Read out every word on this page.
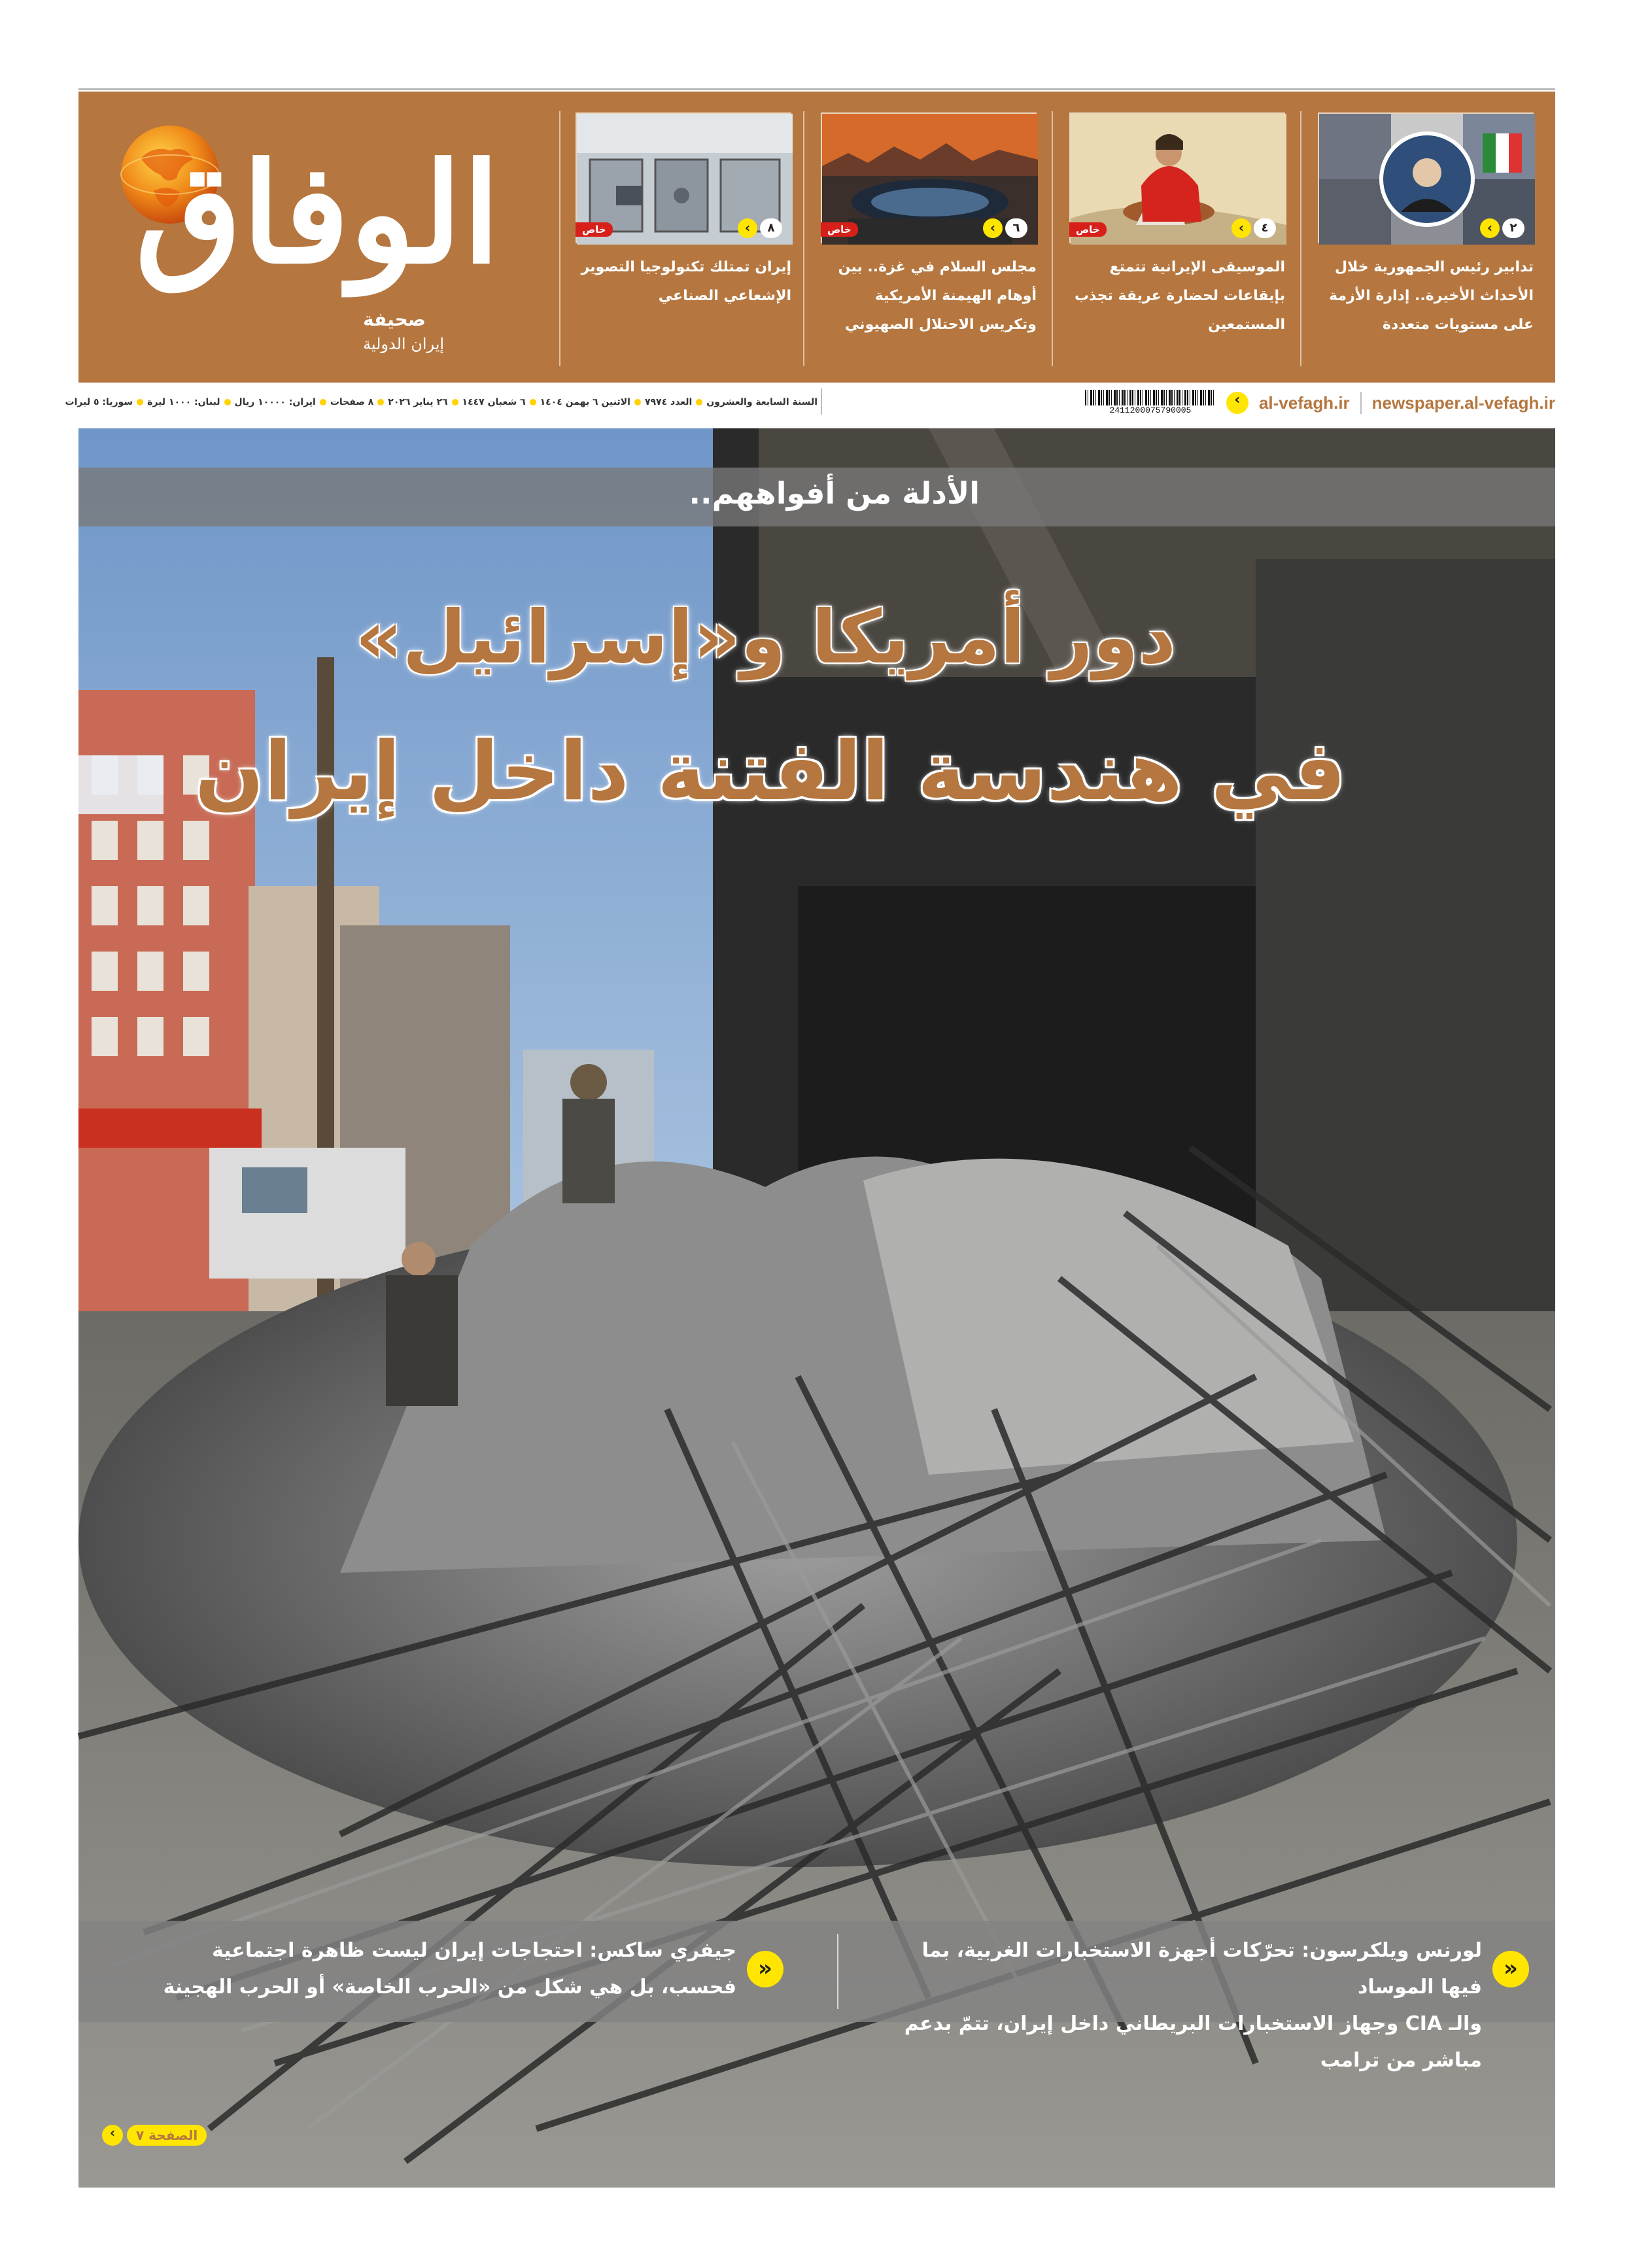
الوفاق
صحيفة
إيران الدولية
‹	٢
تدابير رئيس الجمهورية خلال الأحداث الأخيرة.. إدارة الأزمة على مستويات متعددة
خاص	‹	٤
الموسيقى الإيرانية تتمتع بإيقاعات لحضارة عريقة تجذب المستمعين
خاص	‹	٦
مجلس السلام في غزة.. بين أوهام الهيمنة الأمريكية وتكريس الاحتلال الصهيوني
خاص	‹	٨
إيران تمتلك تكنولوجيا التصوير الإشعاعي الصناعي
2411200075790005
‹	al-vefagh.ir newspaper.al-vefagh.ir
السنة السابعة والعشرونالعدد ٧٩٧٤الاثنين ٦ بهمن ١٤٠٤٦ شعبان ١٤٤٧٢٦ يناير ٢٠٢٦٨ صفحاتايران: ١٠٠٠٠ رياللبنان: ١٠٠٠ ليرةسوريا: ٥ ليرات
الأدلة من أفواههم..
دور أمريكا و«إسرائيل»
في هندسة الفتنة داخل إيران
»
لورنس ويلكرسون: تحرّكات أجهزة الاستخبارات الغربية، بما فيها الموساد
والـ CIA وجهاز الاستخبارات البريطاني داخل إيران، تتمّ بدعم مباشر من ترامب
»
جيفري ساكس: احتجاجات إيران ليست ظاهرة اجتماعية
فحسب، بل هي شكل من «الحرب الخاصة» أو الحرب الهجينة
‹	الصفحة ٧
